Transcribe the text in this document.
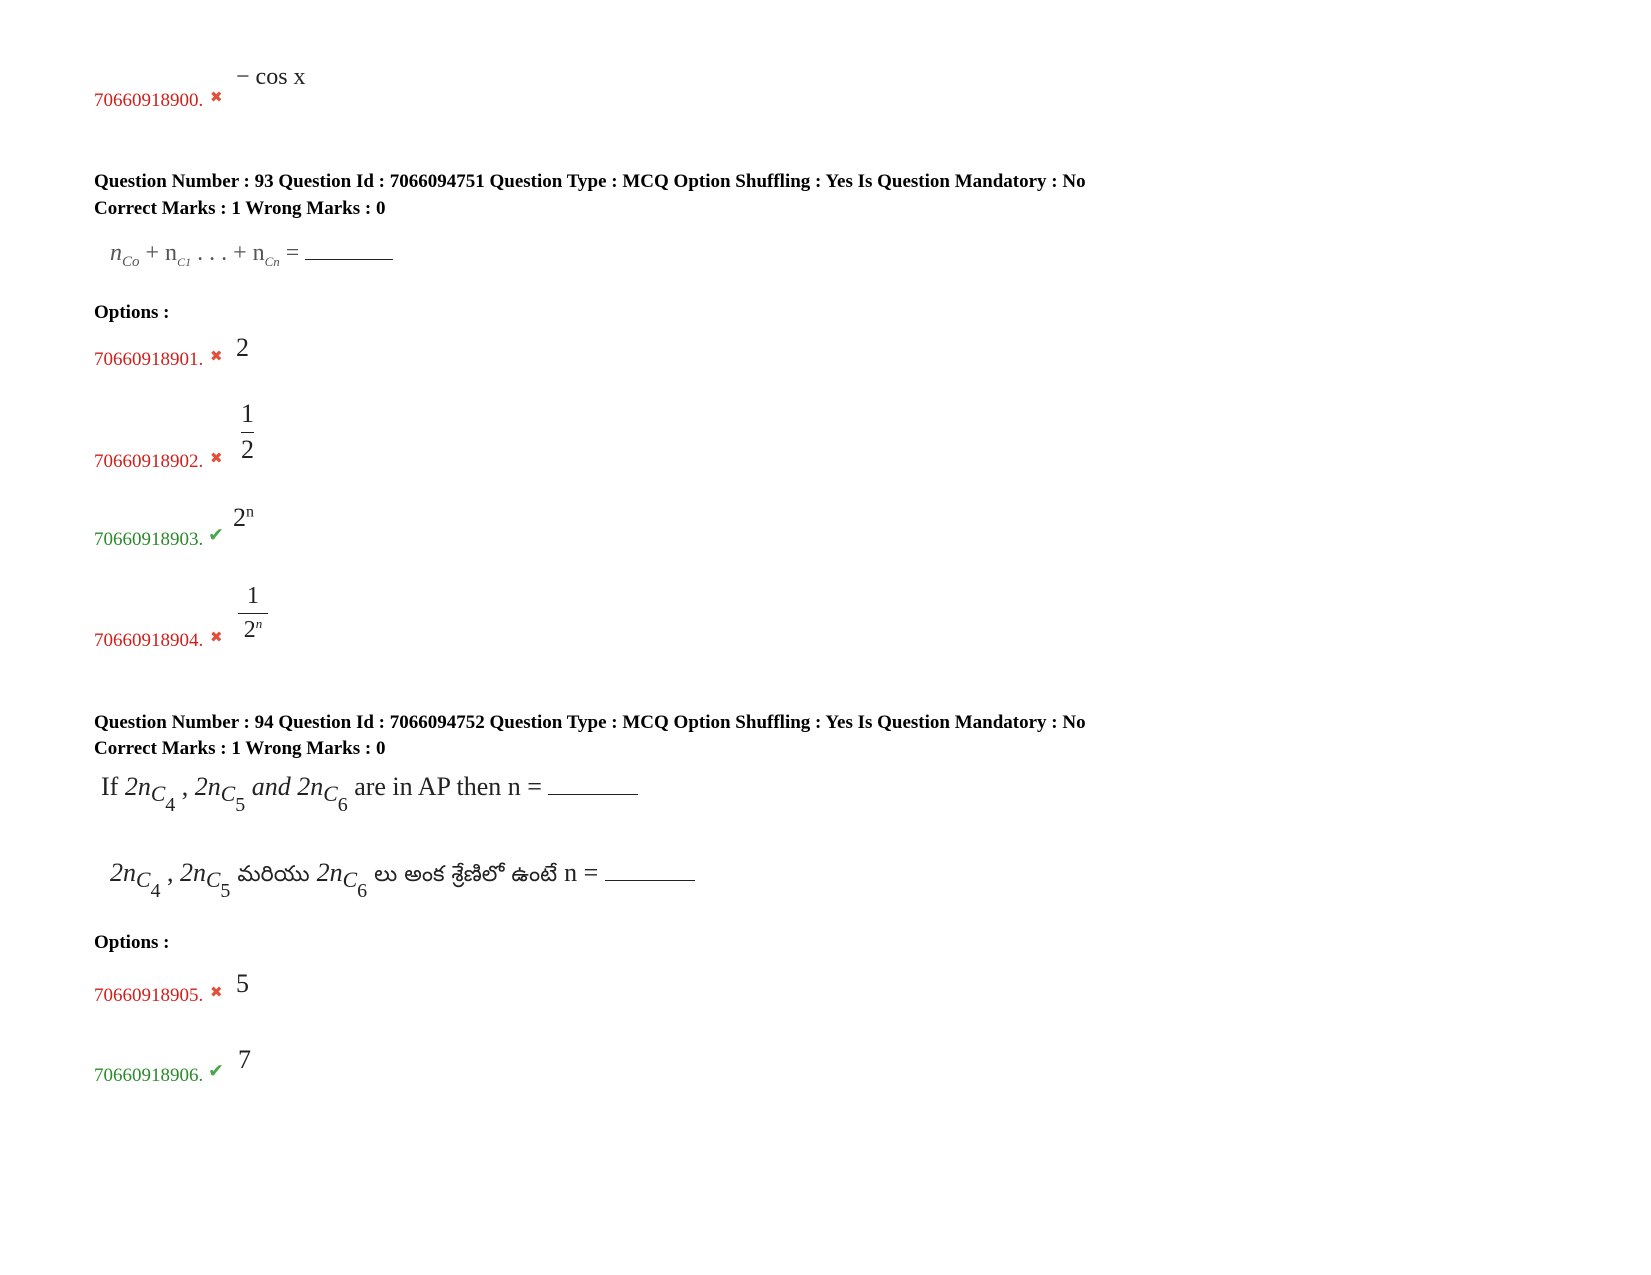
70660918900. ✖
− cos x
Question Number : 93 Question Id : 7066094751 Question Type : MCQ Option Shuffling : Yes Is Question Mandatory : No
Correct Marks : 1 Wrong Marks : 0
$n_{Co} + n_{C1}$ . . . + $n_{Cn}$ =
Options :
70660918901. ✖ 2
70660918902. ✖
1
2
70660918903. ✔
2$^n$
70660918904. ✖
1
2$^n$
Question Number : 94 Question Id : 7066094752 Question Type : MCQ Option Shuffling : Yes Is Question Mandatory : No
Correct Marks : 1 Wrong Marks : 0
If $2n_{C4}$ , $2n_{C5}$ and $2n_{C6}$ are in AP then n =
$2n_{C4}$ , $2n_{C5}$ మరియు $2n_{C6}$ లు అంక శ్రేణిలో ఉంటే n =
Options :
70660918905. ✖ 5
70660918906. ✔ 7
